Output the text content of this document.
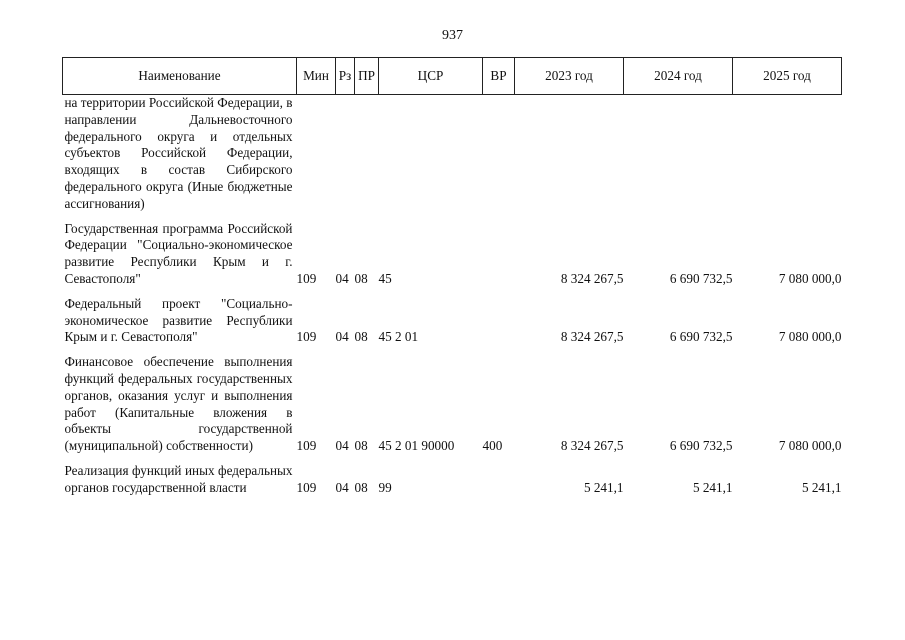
937
Наименование	Мин	Рз	ПР	ЦСР	ВР	2023 год	2024 год	2025 год
на территории Российской Федерации, в направлении Дальневосточного федерального округа и отдельных субъектов Российской Федерации, входящих в состав Сибирского федерального округа (Иные бюджетные ассигнования)								

Государственная программа Российской Федерации "Социально-экономическое развитие Республики Крым и г. Севастополя"	109	04	08	45		8 324 267,5	6 690 732,5	7 080 000,0

Федеральный проект "Социально-экономическое развитие Республики Крым и г. Севастополя"	109	04	08	45 2 01		8 324 267,5	6 690 732,5	7 080 000,0

Финансовое обеспечение выполнения функций федеральных государственных органов, оказания услуг и выполнения работ (Капитальные вложения в объекты государственной (муниципальной) собственности)	109	04	08	45 2 01 90000	400	8 324 267,5	6 690 732,5	7 080 000,0

Реализация функций иных федеральных органов государственной власти	109	04	08	99		5 241,1	5 241,1	5 241,1
